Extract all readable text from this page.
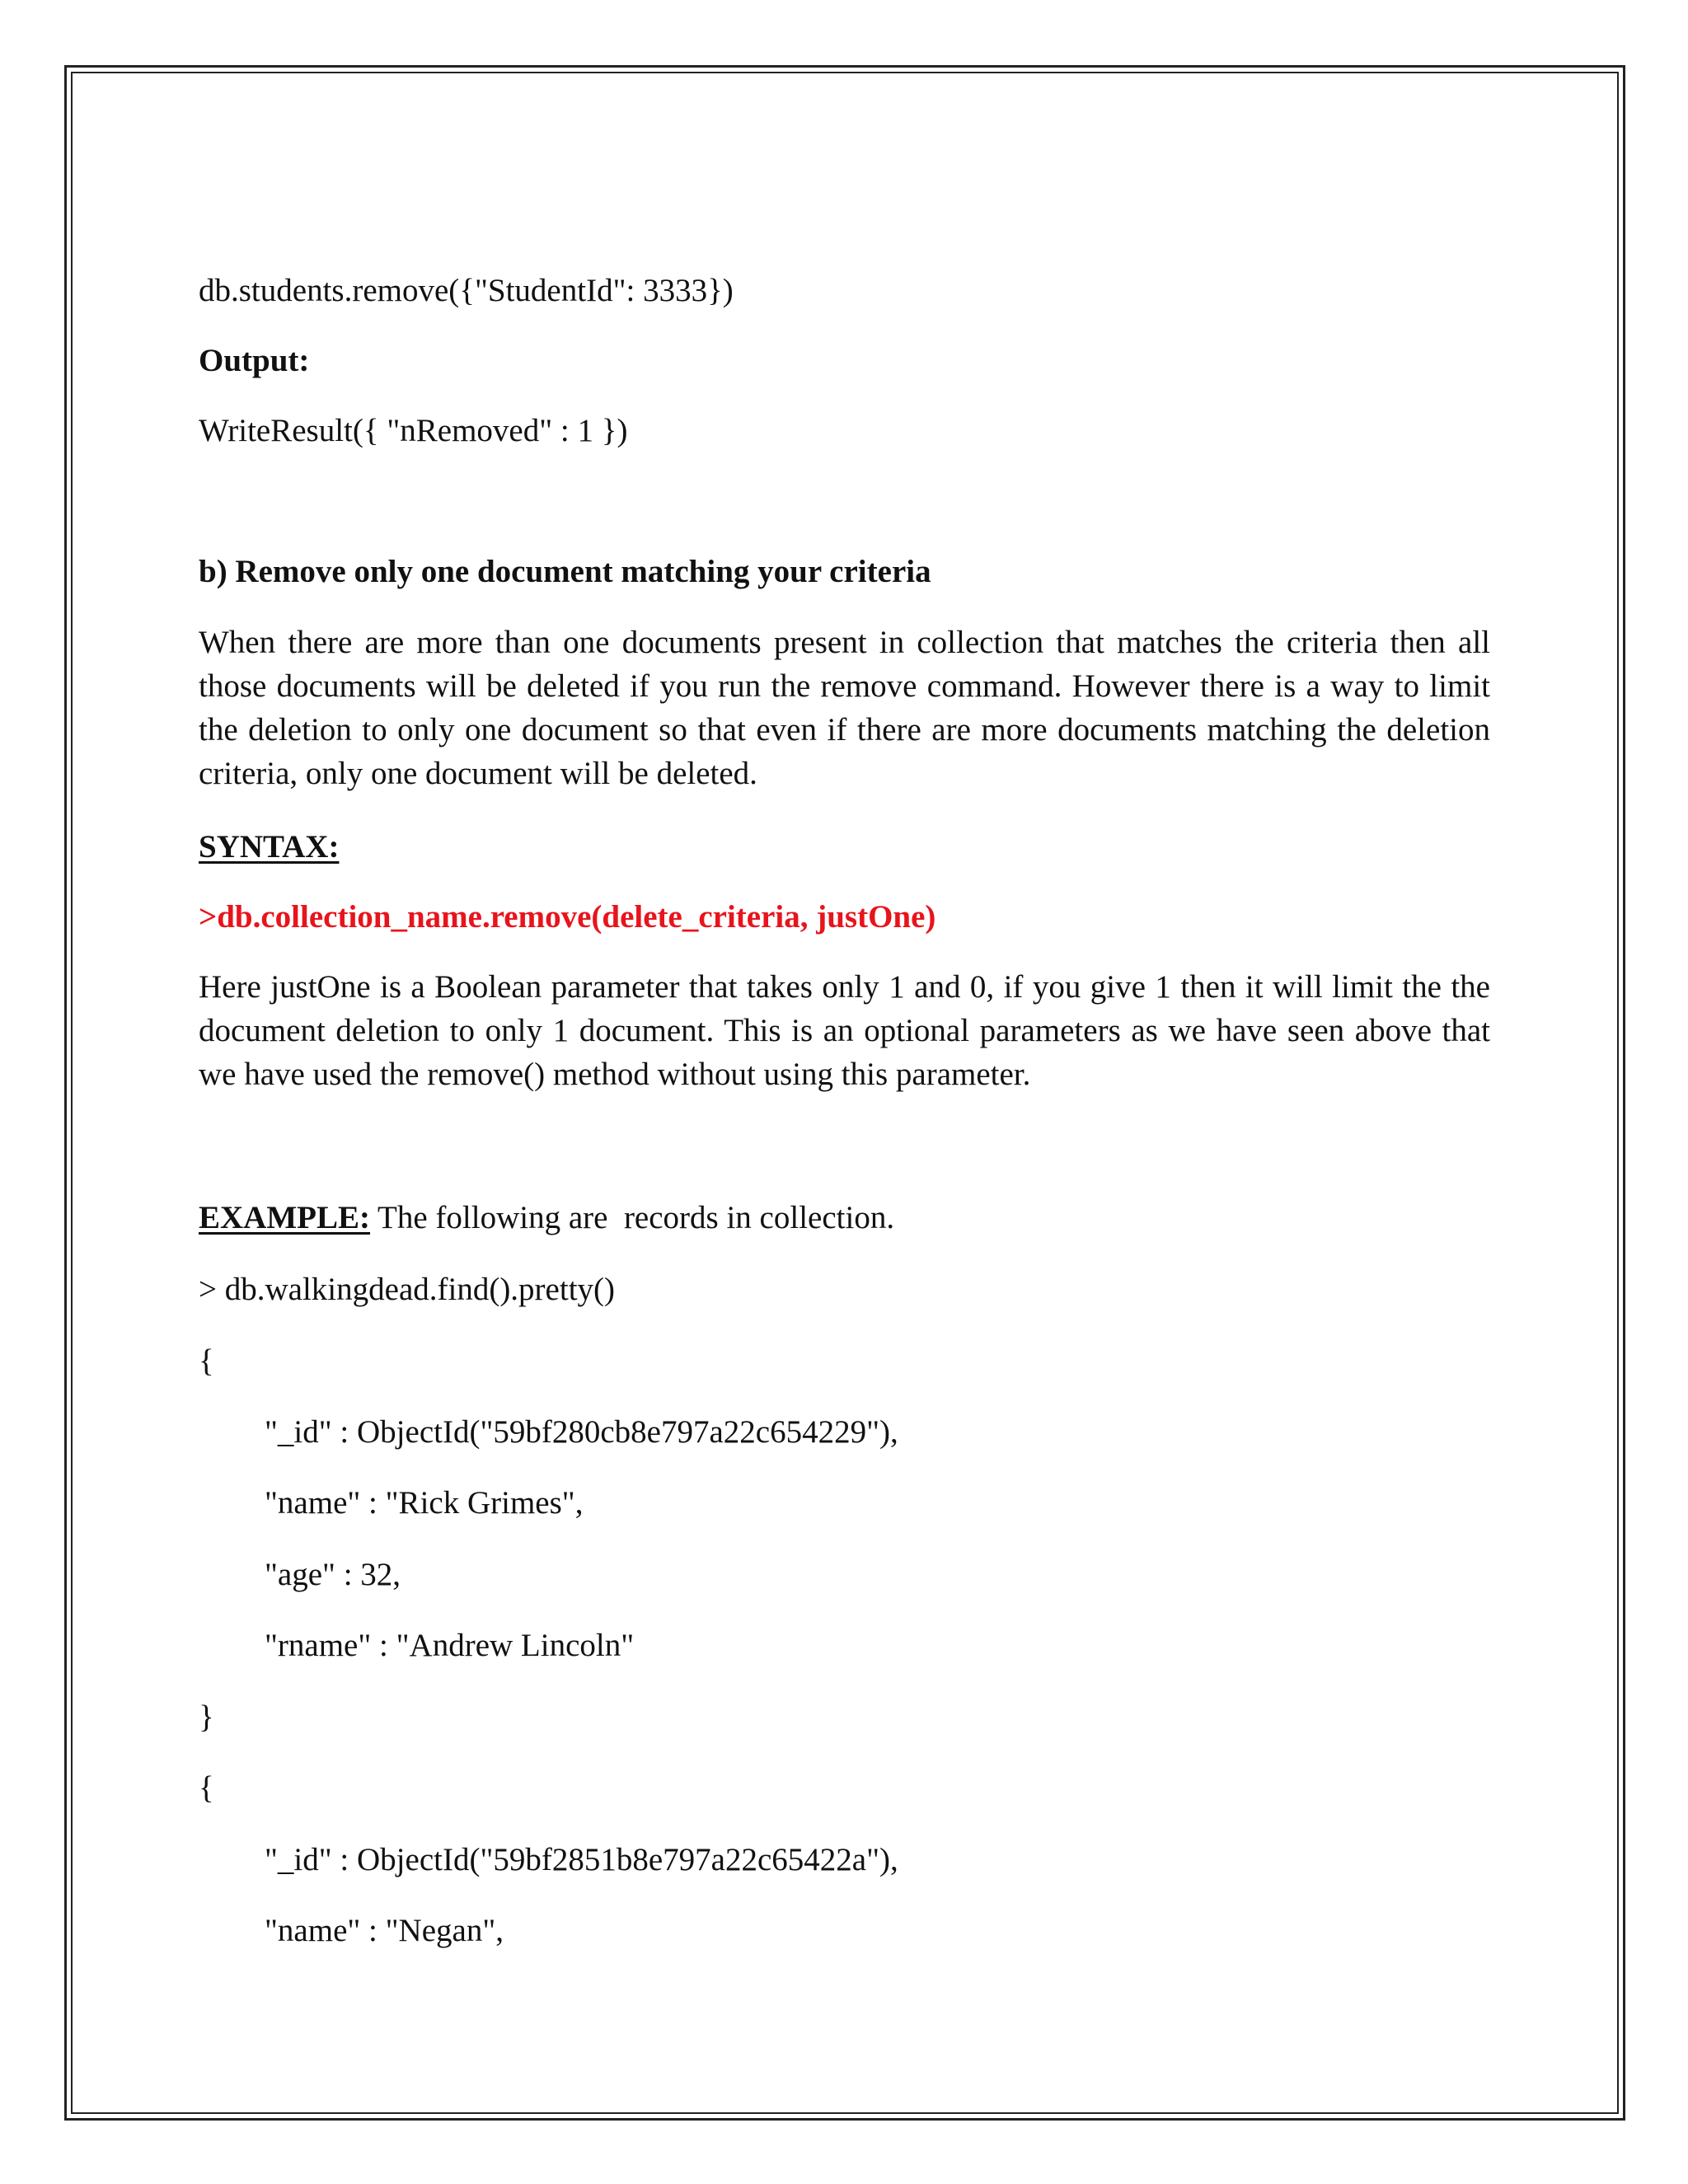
db.students.remove({"StudentId": 3333})
Output:
WriteResult({ "nRemoved" : 1 })
b) Remove only one document matching your criteria
When there are more than one documents present in collection that matches the criteria then all those documents will be deleted if you run the remove command. However there is a way to limit the deletion to only one document so that even if there are more documents matching the deletion criteria, only one document will be deleted.
SYNTAX:
>db.collection_name.remove(delete_criteria, justOne)
Here justOne is a Boolean parameter that takes only 1 and 0, if you give 1 then it will limit the the document deletion to only 1 document. This is an optional parameters as we have seen above that we have used the remove() method without using this parameter.
EXAMPLE: The following are  records in collection.
> db.walkingdead.find().pretty()
{
"_id" : ObjectId("59bf280cb8e797a22c654229"),
"name" : "Rick Grimes",
"age" : 32,
"rname" : "Andrew Lincoln"
}
{
"_id" : ObjectId("59bf2851b8e797a22c65422a"),
"name" : "Negan",
